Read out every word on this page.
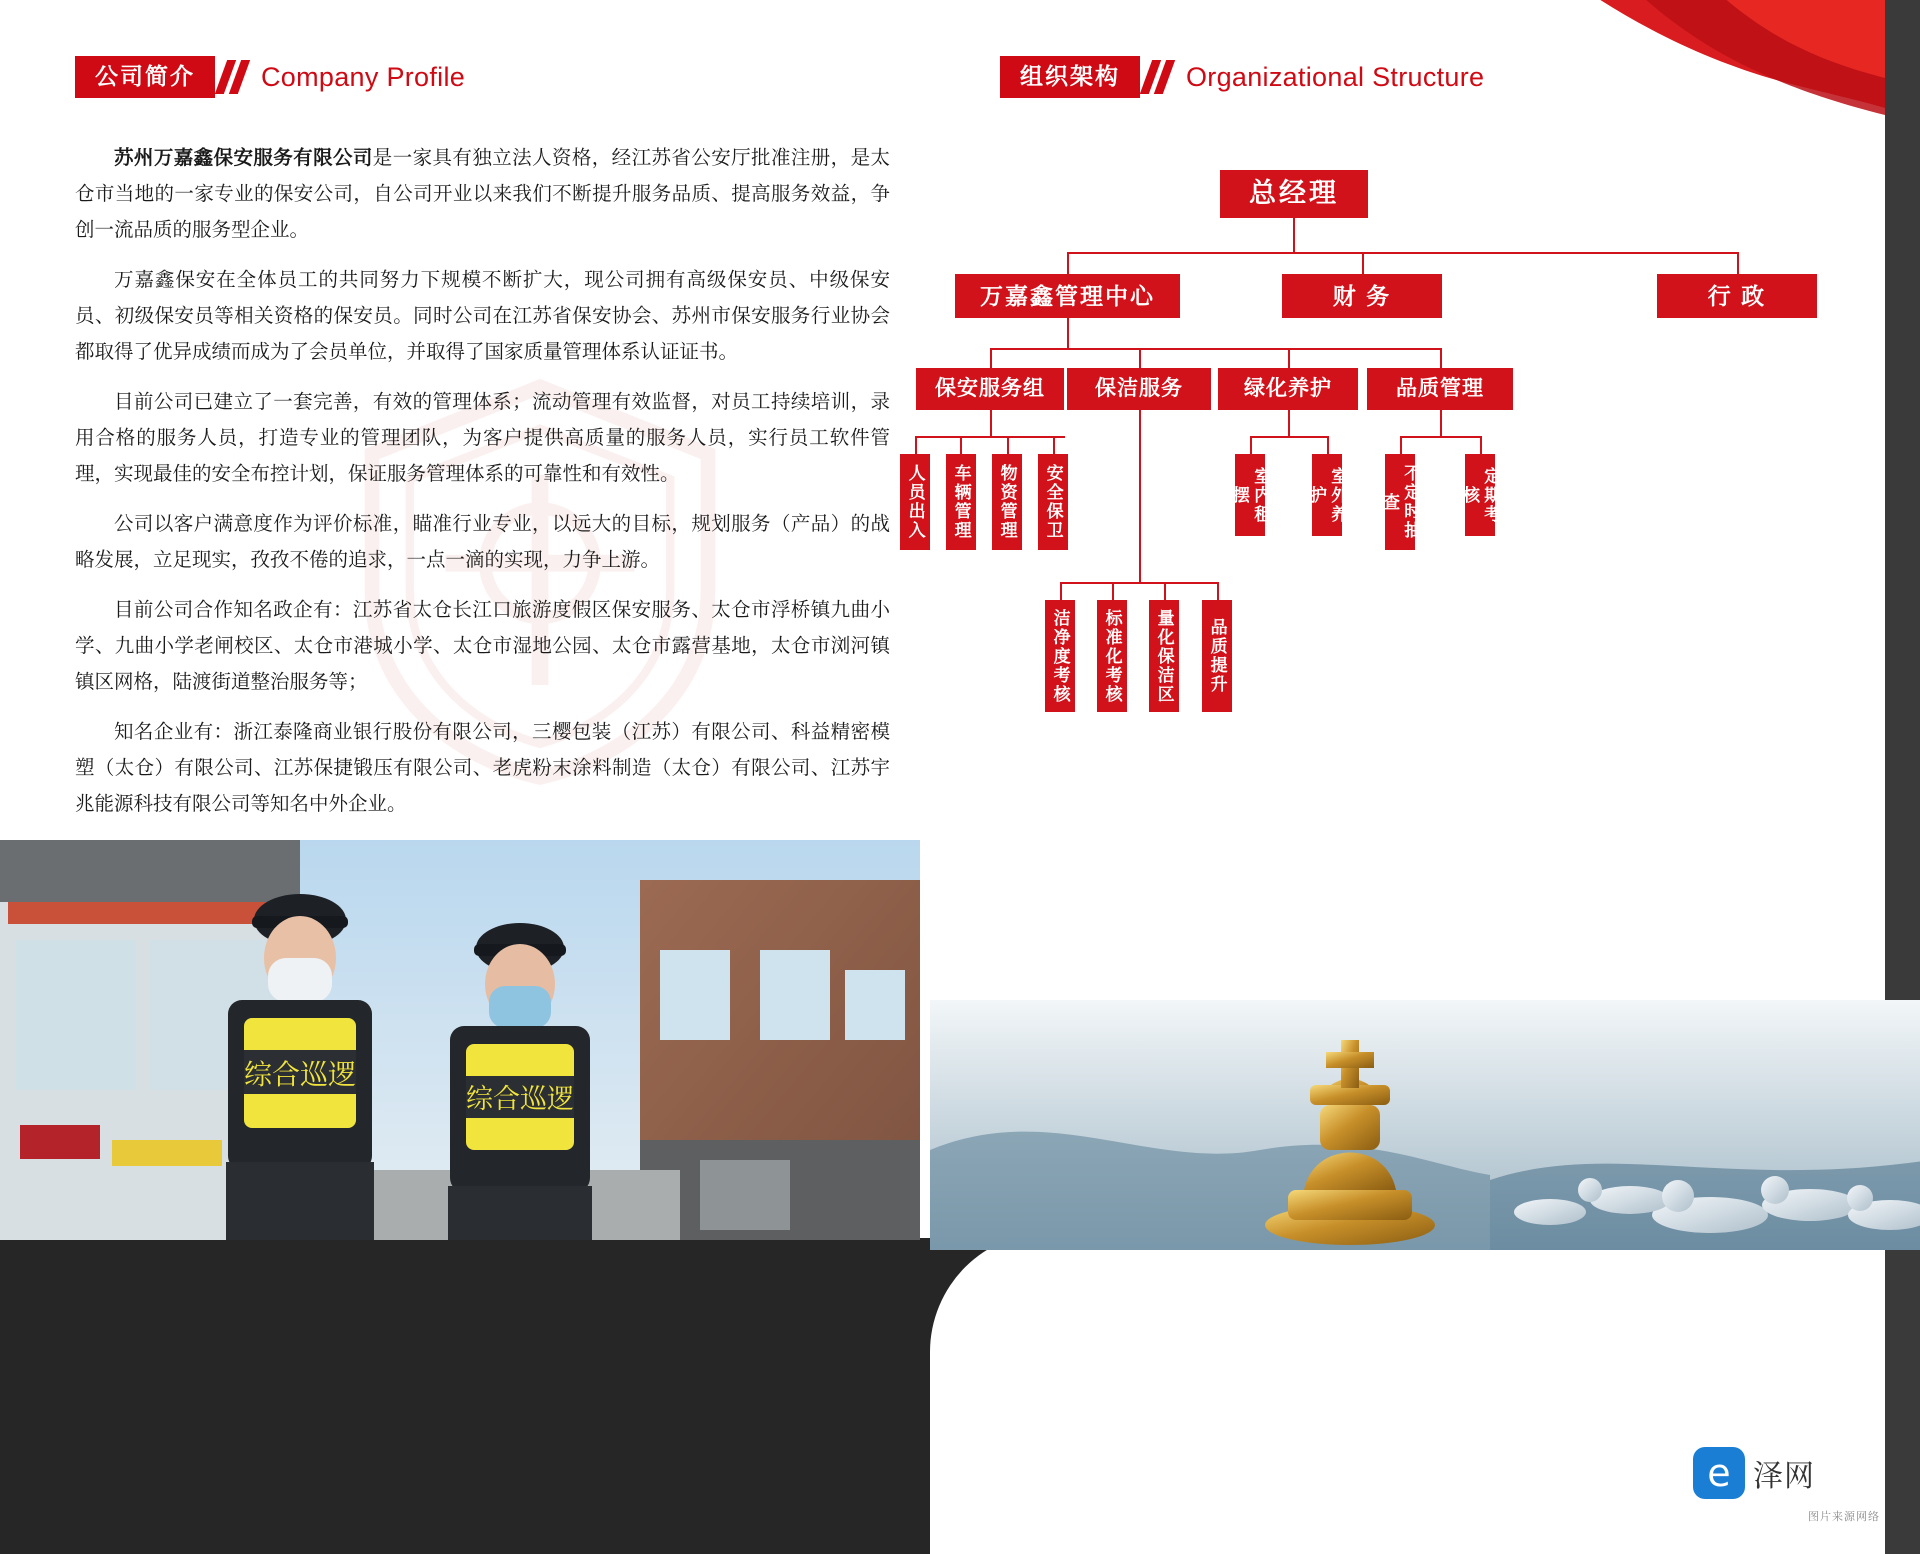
公司简介	Company Profile	组织架构	Organizational Structure

苏州万嘉鑫保安服务有限公司是一家具有独立法人资格，经江苏省公安厅批准注册，是太仓市当地的一家专业的保安公司，自公司开业以来我们不断提升服务品质、提高服务效益，争创一流品质的服务型企业。

万嘉鑫保安在全体员工的共同努力下规模不断扩大，现公司拥有高级保安员、中级保安员、初级保安员等相关资格的保安员。同时公司在江苏省保安协会、苏州市保安服务行业协会都取得了优异成绩而成为了会员单位，并取得了国家质量管理体系认证证书。

目前公司已建立了一套完善，有效的管理体系；流动管理有效监督，对员工持续培训，录用合格的服务人员，打造专业的管理团队，为客户提供高质量的服务人员，实行员工软件管理，实现最佳的安全布控计划，保证服务管理体系的可靠性和有效性。

公司以客户满意度作为评价标准，瞄准行业专业，以远大的目标，规划服务（产品）的战略发展，立足现实，孜孜不倦的追求，一点一滴的实现，力争上游。

目前公司合作知名政企有：江苏省太仓长江口旅游度假区保安服务、太仓市浮桥镇九曲小学、九曲小学老闸校区、太仓市港城小学、太仓市湿地公园、太仓市露营基地，太仓市浏河镇镇区网格，陆渡街道整治服务等；

知名企业有：浙江泰隆商业银行股份有限公司，三樱包装（江苏）有限公司、科益精密模塑（太仓）有限公司、江苏保捷锻压有限公司、老虎粉末涂料制造（太仓）有限公司、江苏宇兆能源科技有限公司等知名中外企业。

综合巡逻
综合巡逻
总经理
万嘉鑫管理中心	财 务	行 政
保安服务组	保洁服务	绿化养护	品质管理
人员出入	车辆管理	物资管理	安全保卫
洁净度考核	标准化考核	量化保洁区	品质提升
室内租摆	室外养护	不定时抽查	定期考核
e 泽网
图片来源网络
